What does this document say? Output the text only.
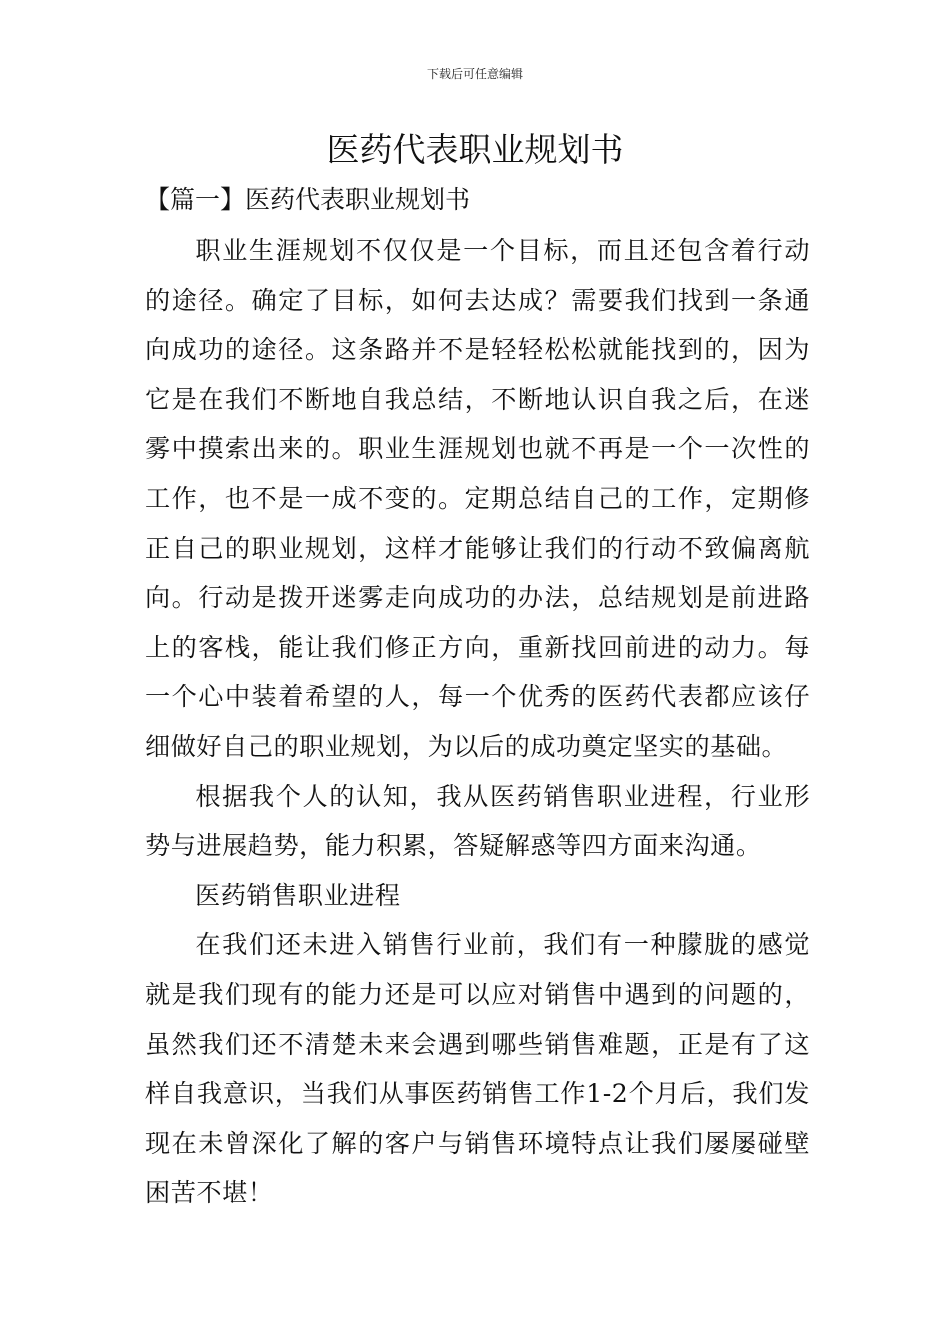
下载后可任意编辑
医药代表职业规划书
【篇一】医药代表职业规划书

职业生涯规划不仅仅是一个目标，而且还包含着行动的途径。确定了目标，如何去达成？需要我们找到一条通向成功的途径。这条路并不是轻轻松松就能找到的，因为它是在我们不断地自我总结，不断地认识自我之后，在迷雾中摸索出来的。职业生涯规划也就不再是一个一次性的工作，也不是一成不变的。定期总结自己的工作，定期修正自己的职业规划，这样才能够让我们的行动不致偏离航向。行动是拨开迷雾走向成功的办法，总结规划是前进路上的客栈，能让我们修正方向，重新找回前进的动力。每一个心中装着希望的人，每一个优秀的医药代表都应该仔细做好自己的职业规划，为以后的成功奠定坚实的基础。

根据我个人的认知，我从医药销售职业进程，行业形势与进展趋势，能力积累，答疑解惑等四方面来沟通。

医药销售职业进程

在我们还未进入销售行业前，我们有一种朦胧的感觉就是我们现有的能力还是可以应对销售中遇到的问题的，虽然我们还不清楚未来会遇到哪些销售难题，正是有了这样自我意识，当我们从事医药销售工作1-2个月后，我们发现在未曾深化了解的客户与销售环境特点让我们屡屡碰壁困苦不堪！
